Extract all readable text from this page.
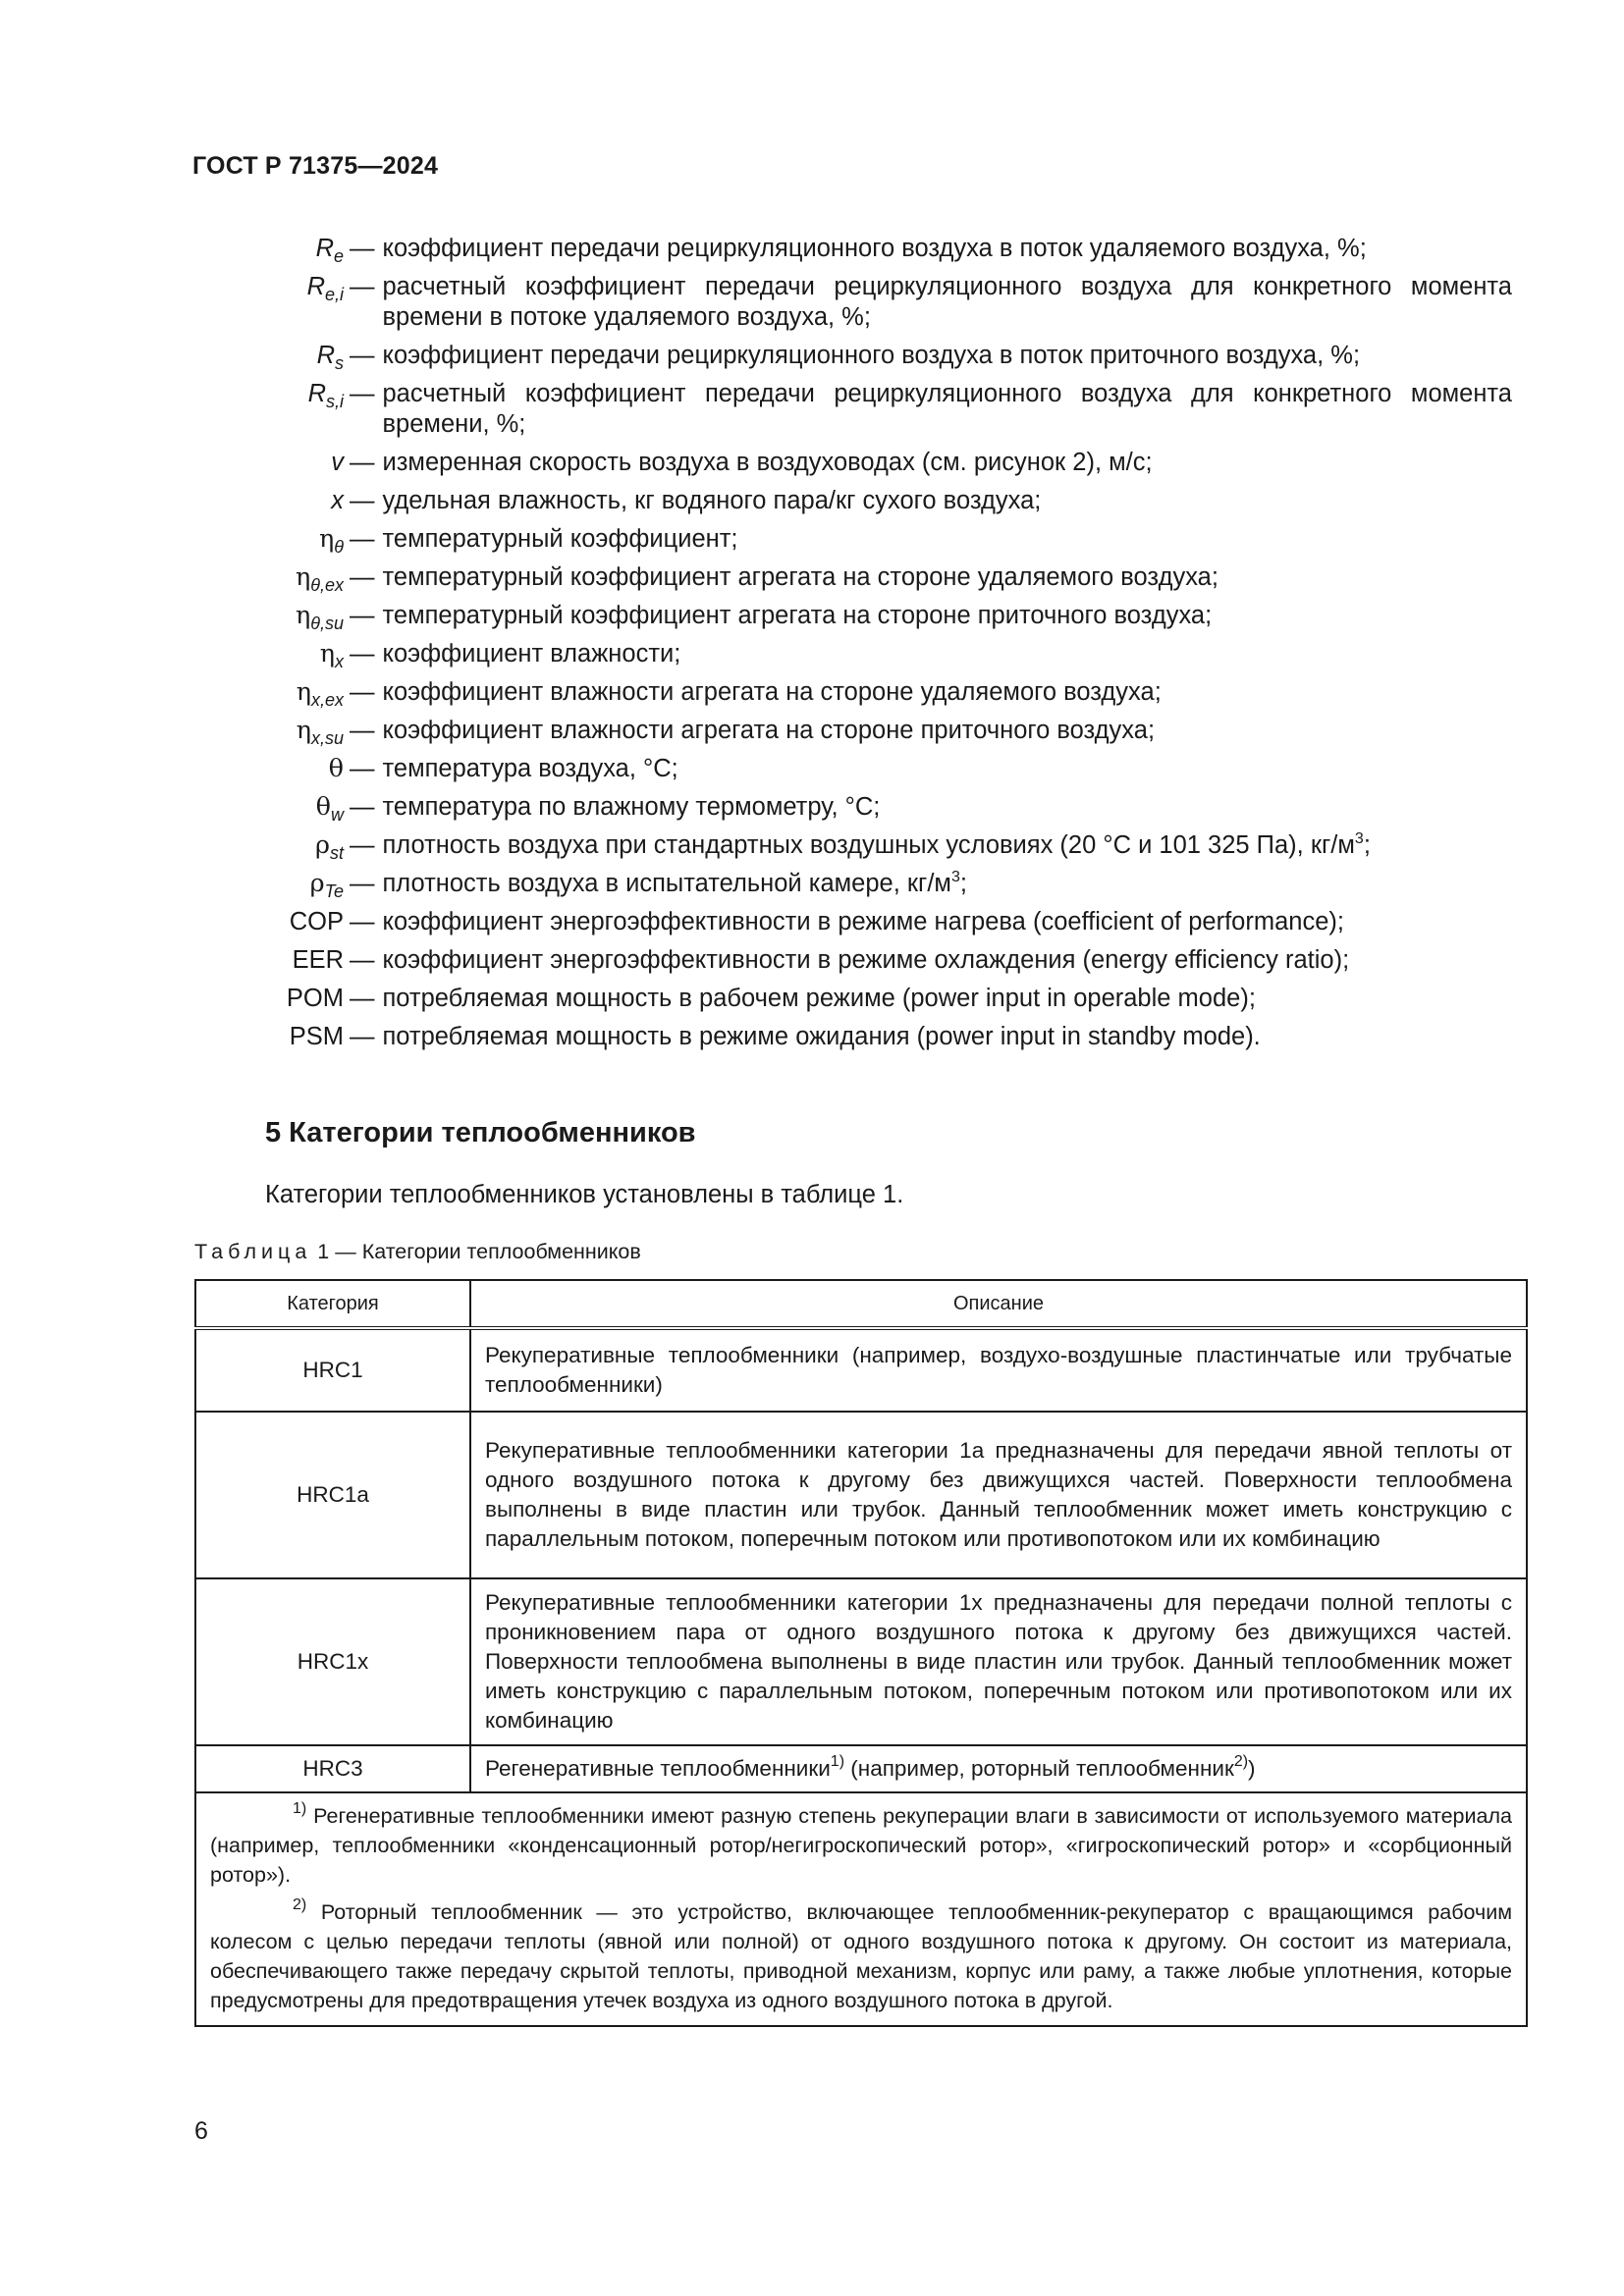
ГОСТ Р 71375—2024
$R_e$ — коэффициент передачи рециркуляционного воздуха в поток удаляемого воздуха, %;
$R_{e,i}$ — расчетный коэффициент передачи рециркуляционного воздуха для конкретного момента времени в потоке удаляемого воздуха, %;
$R_s$ — коэффициент передачи рециркуляционного воздуха в поток приточного воздуха, %;
$R_{s,i}$ — расчетный коэффициент передачи рециркуляционного воздуха для конкретного момента времени, %;
v — измеренная скорость воздуха в воздуховодах (см. рисунок 2), м/с;
x — удельная влажность, кг водяного пара/кг сухого воздуха;
$\eta_\theta$ — температурный коэффициент;
$\eta_{\theta,ex}$ — температурный коэффициент агрегата на стороне удаляемого воздуха;
$\eta_{\theta,su}$ — температурный коэффициент агрегата на стороне приточного воздуха;
$\eta_x$ — коэффициент влажности;
$\eta_{x,ex}$ — коэффициент влажности агрегата на стороне удаляемого воздуха;
$\eta_{x,su}$ — коэффициент влажности агрегата на стороне приточного воздуха;
θ — температура воздуха, °С;
$\theta_w$ — температура по влажному термометру, °С;
$\rho_{st}$ — плотность воздуха при стандартных воздушных условиях (20 °С и 101 325 Па), $кг/м^3$;
$\rho_{Te}$ — плотность воздуха в испытательной камере, $кг/м^3$;
COP — коэффициент энергоэффективности в режиме нагрева (coefficient of performance);
EER — коэффициент энергоэффективности в режиме охлаждения (energy efficiency ratio);
POM — потребляемая мощность в рабочем режиме (power input in operable mode);
PSM — потребляемая мощность в режиме ожидания (power input in standby mode).
5 Категории теплообменников
Категории теплообменников установлены в таблице 1.
Таблица 1 — Категории теплообменников
Категория	Описание
HRC1	Рекуперативные теплообменники (например, воздухо-воздушные пластинчатые или трубчатые теплообменники)
HRC1a	Рекуперативные теплообменники категории 1а предназначены для передачи явной теплоты от одного воздушного потока к другому без движущихся частей. Поверхности теплообмена выполнены в виде пластин или трубок. Данный теплообменник может иметь конструкцию с параллельным потоком, поперечным потоком или противопотоком или их комбинацию
HRC1x	Рекуперативные теплообменники категории 1х предназначены для передачи полной теплоты с проникновением пара от одного воздушного потока к другому без движущихся частей. Поверхности теплообмена выполнены в виде пластин или трубок. Данный теплообменник может иметь конструкцию с параллельным потоком, поперечным потоком или противопотоком или их комбинацию
HRC3	Регенеративные теплообменники$^{1)}$ (например, роторный теплообменник$^{2)}$)

$^{1)}$ Регенеративные теплообменники имеют разную степень рекуперации влаги в зависимости от используемого материала (например, теплообменники «конденсационный ротор/негигроскопический ротор», «гигроскопический ротор» и «сорбционный ротор»).

$^{2)}$ Роторный теплообменник — это устройство, включающее теплообменник-рекуператор с вращающимся рабочим колесом с целью передачи теплоты (явной или полной) от одного воздушного потока к другому. Он состоит из материала, обеспечивающего также передачу скрытой теплоты, приводной механизм, корпус или раму, а также любые уплотнения, которые предусмотрены для предотвращения утечек воздуха из одного воздушного потока в другой.	

6
